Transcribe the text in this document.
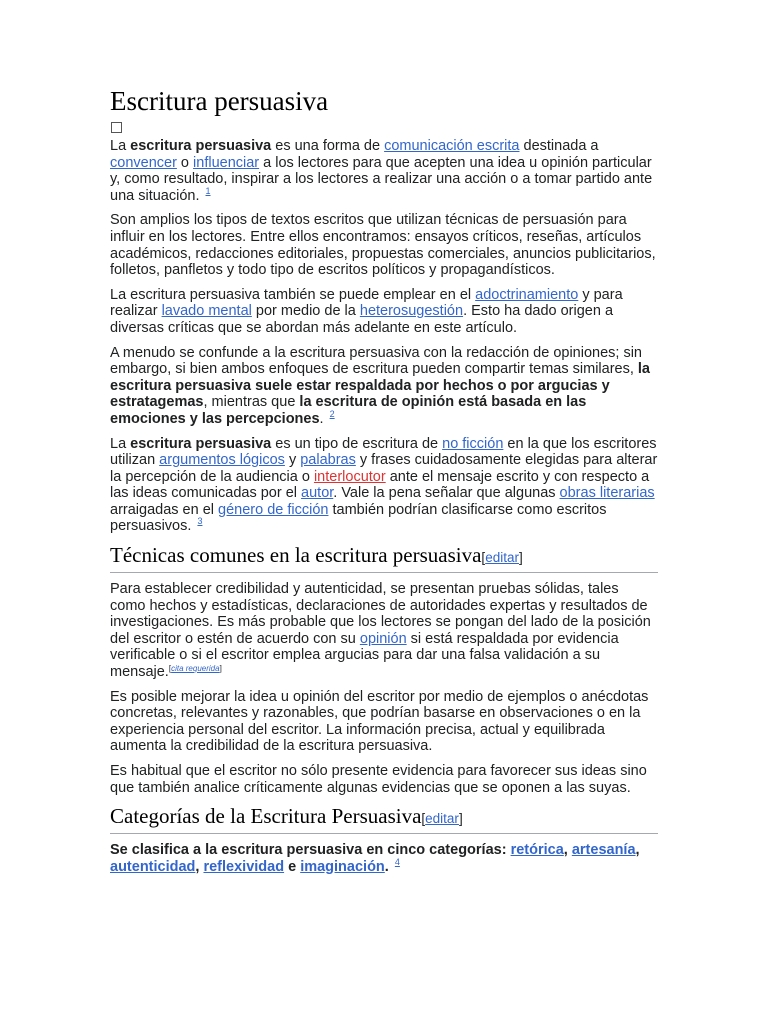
Escritura persuasiva

La escritura persuasiva es una forma de comunicación escrita destinada a convencer o influenciar a los lectores para que acepten una idea u opinión particular y, como resultado, inspirar a los lectores a realizar una acción o a tomar partido ante una situación. $^1$

Son amplios los tipos de textos escritos que utilizan técnicas de persuasión para influir en los lectores. Entre ellos encontramos: ensayos críticos, reseñas, artículos académicos, redacciones editoriales, propuestas comerciales, anuncios publicitarios, folletos, panfletos y todo tipo de escritos políticos y propagandísticos.

La escritura persuasiva también se puede emplear en el adoctrinamiento y para realizar lavado mental por medio de la heterosugestión. Esto ha dado origen a diversas críticas que se abordan más adelante en este artículo.

A menudo se confunde a la escritura persuasiva con la redacción de opiniones; sin embargo, si bien ambos enfoques de escritura pueden compartir temas similares, la escritura persuasiva suele estar respaldada por hechos o por argucias y estratagemas, mientras que la escritura de opinión está basada en las emociones y las percepciones. $^2$

La escritura persuasiva es un tipo de escritura de no ficción en la que los escritores utilizan argumentos lógicos y palabras y frases cuidadosamente elegidas para alterar la percepción de la audiencia o interlocutor ante el mensaje escrito y con respecto a las ideas comunicadas por el autor. Vale la pena señalar que algunas obras literarias arraigadas en el género de ficción también podrían clasificarse como escritos persuasivos. $^3$

Técnicas comunes en la escritura persuasiva[editar]

Para establecer credibilidad y autenticidad, se presentan pruebas sólidas, tales como hechos y estadísticas, declaraciones de autoridades expertas y resultados de investigaciones. Es más probable que los lectores se pongan del lado de la posición del escritor o estén de acuerdo con su opinión si está respaldada por evidencia verificable o si el escritor emplea argucias para dar una falsa validación a su mensaje.[cita requerida]

Es posible mejorar la idea u opinión del escritor por medio de ejemplos o anécdotas concretas, relevantes y razonables, que podrían basarse en observaciones o en la experiencia personal del escritor. La información precisa, actual y equilibrada aumenta la credibilidad de la escritura persuasiva.

Es habitual que el escritor no sólo presente evidencia para favorecer sus ideas sino que también analice críticamente algunas evidencias que se oponen a las suyas.

Categorías de la Escritura Persuasiva[editar]

Se clasifica a la escritura persuasiva en cinco categorías: retórica, artesanía, autenticidad, reflexividad e imaginación. $^4$
